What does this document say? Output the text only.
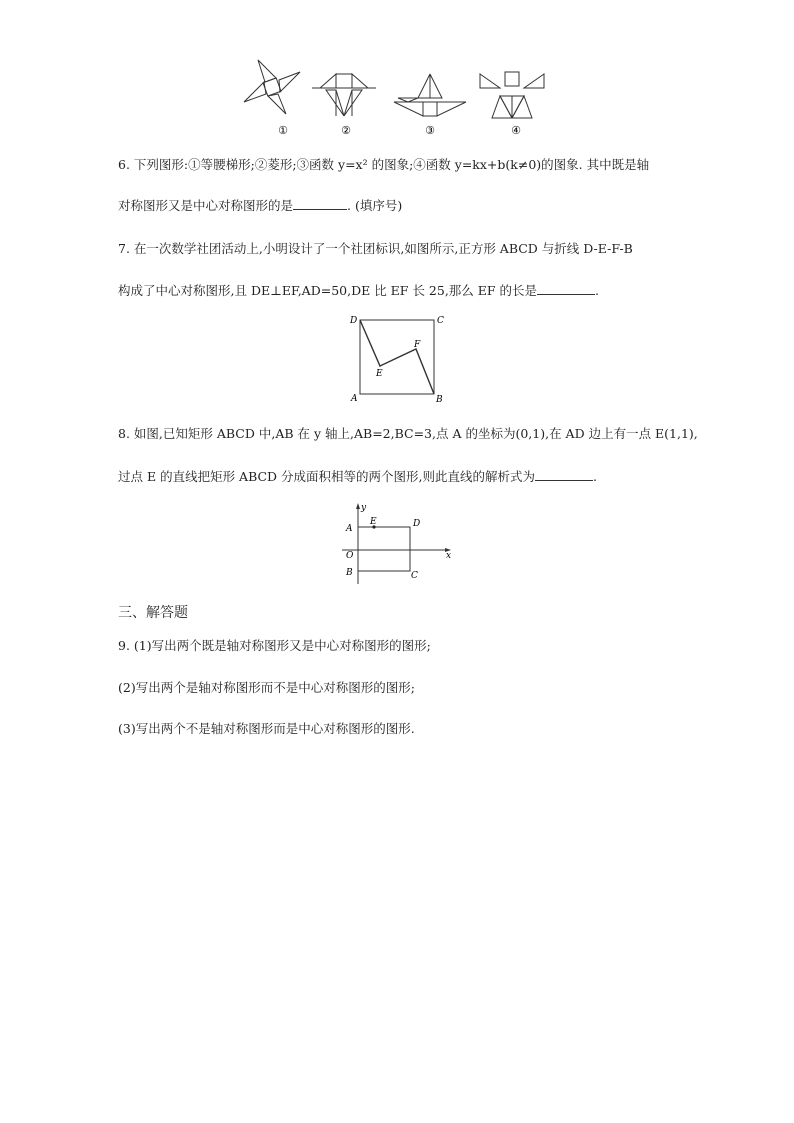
①	②	③	④
6. 下列图形:①等腰梯形;②菱形;③函数 y=x² 的图象;④函数 y=kx+b(k≠0)的图象. 其中既是轴
对称图形又是中心对称图形的是	. (填序号)
7. 在一次数学社团活动上,小明设计了一个社团标识,如图所示,正方形 ABCD 与折线 D-E-F-B
构成了中心对称图形,且 DE⊥EF,AD=50,DE 比 EF 长 25,那么 EF 的长是	.
D	C
A	B
E
F
8. 如图,已知矩形 ABCD 中,AB 在 y 轴上,AB=2,BC=3,点 A 的坐标为(0,1),在 AD 边上有一点 E(1,1),
过点 E 的直线把矩形 ABCD 分成面积相等的两个图形,则此直线的解析式为	.
y
x
O
A
B	C
D
E
三、解答题
9. (1)写出两个既是轴对称图形又是中心对称图形的图形;
(2)写出两个是轴对称图形而不是中心对称图形的图形;
(3)写出两个不是轴对称图形而是中心对称图形的图形.
